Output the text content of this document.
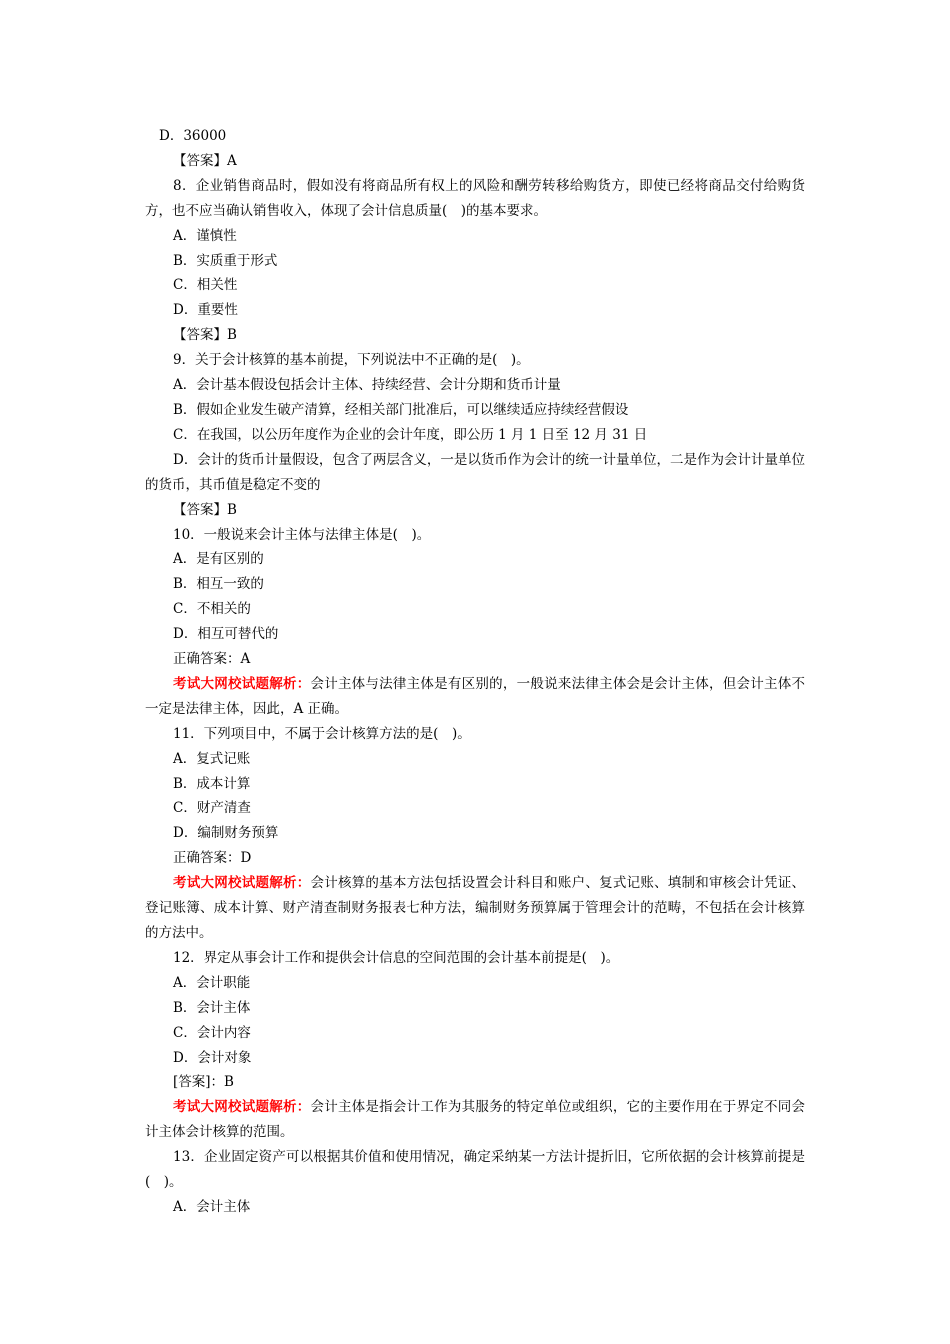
D．36000
【答案】A
8．企业销售商品时，假如没有将商品所有权上的风险和酬劳转移给购货方，即使已经将商品交付给购货方，也不应当确认销售收入，体现了会计信息质量(　)的基本要求。
A．谨慎性
B．实质重于形式
C．相关性
D．重要性
【答案】B
9．关于会计核算的基本前提，下列说法中不正确的是(　)。
A．会计基本假设包括会计主体、持续经营、会计分期和货币计量
B．假如企业发生破产清算，经相关部门批准后，可以继续适应持续经营假设
C．在我国，以公历年度作为企业的会计年度，即公历 1 月 1 日至 12 月 31 日
D．会计的货币计量假设，包含了两层含义，一是以货币作为会计的统一计量单位，二是作为会计计量单位的货币，其币值是稳定不变的
【答案】B
10．一般说来会计主体与法律主体是(　)。
A．是有区别的
B．相互一致的
C．不相关的
D．相互可替代的
正确答案：A
考试大网校试题解析：会计主体与法律主体是有区别的，一般说来法律主体会是会计主体，但会计主体不一定是法律主体，因此，A 正确。
11．下列项目中，不属于会计核算方法的是(　)。
A．复式记账
B．成本计算
C．财产清查
D．编制财务预算
正确答案：D
考试大网校试题解析：会计核算的基本方法包括设置会计科目和账户、复式记账、填制和审核会计凭证、登记账簿、成本计算、财产清查制财务报表七种方法，编制财务预算属于管理会计的范畴，不包括在会计核算的方法中。
12．界定从事会计工作和提供会计信息的空间范围的会计基本前提是(　)。
A．会计职能
B．会计主体
C．会计内容
D．会计对象
[答案]：B
考试大网校试题解析：会计主体是指会计工作为其服务的特定单位或组织，它的主要作用在于界定不同会计主体会计核算的范围。
13．企业固定资产可以根据其价值和使用情况，确定采纳某一方法计提折旧，它所依据的会计核算前提是(　)。
A．会计主体
